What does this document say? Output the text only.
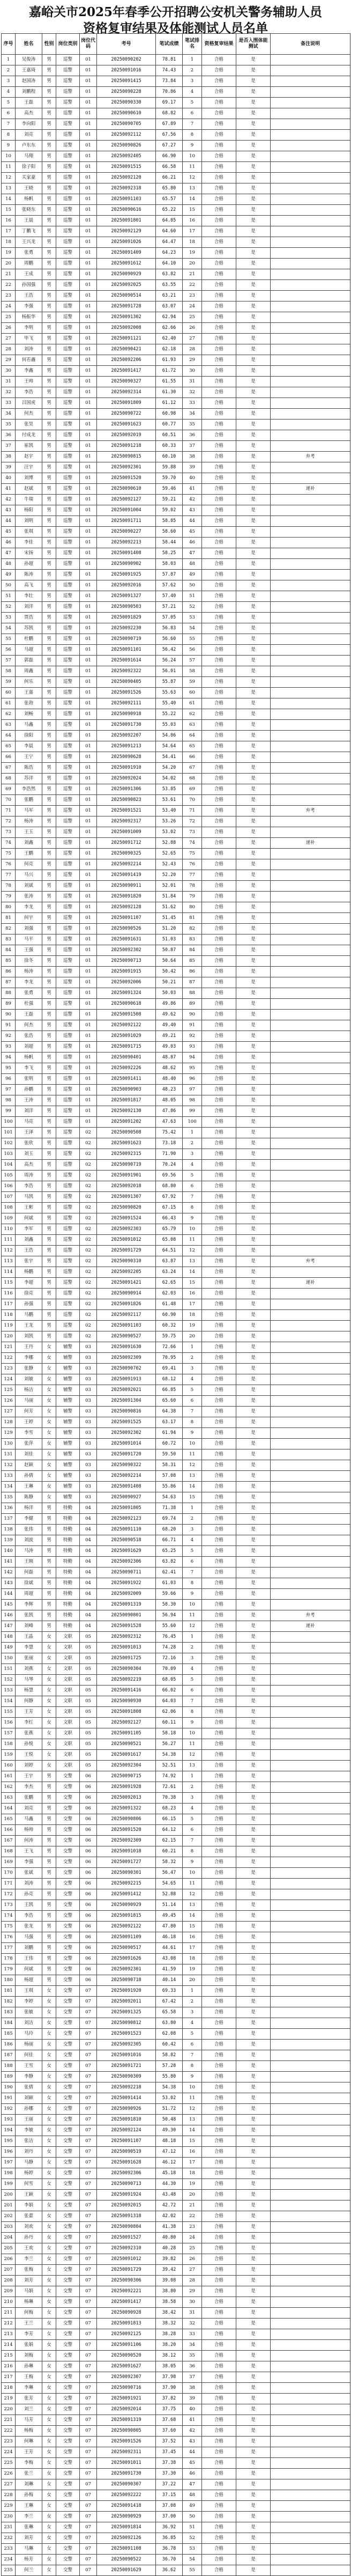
嘉峪关市2025年春季公开招聘公安机关警务辅助人员
资格复审结果及体能测试人员名单
序号	姓名	性别	岗位类别	岗位代码	考号	笔试成绩	笔试排名	资格复审结果	是否入围体能测试	备注说明
1	吴俊涛	男	巡警	01	20250090202	78.81	1	合格	是	
2	王嘉琦	男	巡警	01	20250091016	74.43	2	合格	是	
3	赵国涛	男	巡警	01	20250091415	73.84	3	合格	是	
4	刘鹏程	男	巡警	01	20250090228	70.86	4	合格	是	
5	王磊	男	巡警	01	20250090330	69.17	5	合格	是	
6	高杰	男	巡警	01	20250090610	68.82	6	合格	是	
7	李向阳	男	巡警	01	20250090705	67.89	7	合格	是	
8	刘亮	男	巡警	01	20250092112	67.56	8	合格	是	
9	卢东东	男	巡警	01	20250090826	67.27	9	合格	是	
10	马翔	男	巡警	01	20250092405	66.90	10	合格	是	
11	徐子阳	男	巡警	01	20250091515	66.58	11	合格	是	
12	关家豪	男	巡警	01	20250092120	66.21	12	合格	是	
13	王晓	男	巡警	01	20250092318	65.80	13	合格	是	
14	杨帆	男	巡警	01	20250091103	65.57	14	合格	是	
15	张晓东	男	巡警	01	20250090616	65.22	15	合格	是	
16	王晨	男	巡警	01	20250091801	64.85	16	合格	是	
17	丁鹏飞	男	巡警	01	20250092129	64.60	17	合格	是	
18	王兴龙	男	巡警	01	20250091026	64.47	18	合格	是	
19	张勇	男	巡警	01	20250091409	64.23	19	合格	是	
20	周鹏	男	巡警	01	20250091612	64.10	20	合格	是	
21	王成	男	巡警	01	20250090929	63.82	21	合格	是	
22	孙国强	男	巡警	01	20250092025	63.55	22	合格	是	
23	王浩	男	巡警	01	20250090514	63.21	23	合格	是	
24	李强	男	巡警	01	20250091728	63.07	24	合格	是	
25	杨振华	男	巡警	01	20250091302	62.94	25	合格	是	
26	李明	男	巡警	01	20250092008	62.66	26	合格	是	
27	毕飞	男	巡警	01	20250091121	62.40	27	合格	是	
28	刘涛	男	巡警	01	20250090421	62.18	28	合格	是	
29	何若鑫	男	巡警	01	20250092206	61.93	29	合格	是	
30	李鑫	男	巡警	01	20250091417	61.72	30	合格	是	
31	王帅	男	巡警	01	20250090327	61.55	31	合格	是	
32	李浩	男	巡警	01	20250092314	61.30	32	合格	是	
33	吕国虎	男	巡警	01	20250091809	61.12	33	合格	是	
34	何杰	男	巡警	01	20250090722	60.98	34	合格	是	
35	张昊	男	巡警	01	20250091623	60.77	35	合格	是	
36	付成龙	男	巡警	01	20250092019	60.51	36	合格	是	
37	崔凯	男	巡警	01	20250091218	60.33	37	合格	是	
38	赵宇	男	巡警	01	20250090815	60.10	38	合格	是	弃考
39	汪宇	男	巡警	01	20250092301	59.88	39	合格	是	
40	刘博	男	巡警	01	20250091520	59.70	40	合格	是	
41	赵斌	男	巡警	01	20250090610	59.46	41	合格	是	递补
42	牛瑞	男	巡警	01	20250092127	59.21	42	合格	是	
43	杨阳	男	巡警	01	20250091004	59.02	43	合格	是	
44	刘明	男	巡警	01	20250091711	58.85	44	合格	是	
45	张琪	男	巡警	01	20250090227	58.60	45	合格	是	
46	李佳	男	巡警	01	20250092213	58.44	46	合格	是	
47	宋扬	男	巡警	01	20250091408	58.25	47	合格	是	
48	孙超	男	巡警	01	20250090902	58.03	48	合格	是	
49	陈涛	男	巡警	01	20250091925	57.87	49	合格	是	
50	高飞	男	巡警	01	20250092016	57.62	50	合格	是	
51	李壮	男	巡警	01	20250091327	57.40	51	合格	是	
52	刘洋	男	巡警	01	20250090503	57.21	52	合格	是	
53	贾浩	男	巡警	01	20250091829	57.05	53	合格	是	
54	苏凯	男	巡警	01	20250092230	56.83	54	合格	是	
55	杜鹏	男	巡警	01	20250090719	56.60	55	合格	是	
56	马超	男	巡警	01	20250091101	56.42	56	合格	是	
57	郭磊	男	巡警	01	20250091614	56.24	57	合格	是	
58	周鑫	男	巡警	01	20250092322	56.01	58	合格	是	
59	何乐	男	巡警	01	20250090405	55.87	59	合格	是	
60	王嘉	男	巡警	01	20250091526	55.63	60	合格	是	
61	张勃	男	巡警	01	20250092111	55.40	61	合格	是	
62	刘畅	男	巡警	01	20250090918	55.22	62	合格	是	
63	马鑫	男	巡警	01	20250091730	55.03	63	合格	是	
64	徐阳	男	巡警	01	20250092207	54.86	64	合格	是	
65	李晨	男	巡警	01	20250091213	54.64	65	合格	是	
66	王宁	男	巡警	01	20250090628	54.41	66	合格	是	
67	陈浩	男	巡警	01	20250091910	54.20	67	合格	是	
68	苏洋	男	巡警	01	20250092024	54.02	68	合格	是	
69	李浩然	男	巡警	01	20250091306	53.85	69	合格	是	
70	张鹏	男	巡警	01	20250090823	53.61	70	合格	是	
71	马军	男	巡警	01	20250091521	53.40	71	合格	是	弃考
72	杨涛	男	巡警	01	20250092317	53.26	72	合格	是	
73	王玉	男	巡警	01	20250091009	53.02	73	合格	是	
74	刘鑫	男	巡警	01	20250091712	52.88	74	合格	是	递补
75	王鹏	男	巡警	01	20250090325	52.65	75	合格	是	
76	何亮	男	巡警	01	20250092214	52.43	76	合格	是	
77	马兴	男	巡警	01	20250091419	52.20	77	合格	是	
78	刘斌	男	巡警	01	20250090911	52.01	78	合格	是	
79	张涛	男	巡警	01	20250091820	51.84	79	合格	是	
80	李龙	男	巡警	01	20250092128	51.62	80	合格	是	
81	何宇	男	巡警	01	20250091107	51.45	81	合格	是	
82	刘强	男	巡警	01	20250090526	51.20	82	合格	是	
83	马平	男	巡警	01	20250091631	51.03	83	合格	是	
84	王强	男	巡警	01	20250092302	50.87	84	合格	是	
85	徐冬	男	巡警	01	20250090713	50.64	85	合格	是	
86	杨涛	男	巡警	01	20250091915	50.42	86	合格	是	
87	李龙	男	巡警	01	20250092006	50.21	87	合格	是	
88	张勇	男	巡警	01	20250091324	50.03	88	合格	是	
89	杜强	男	巡警	01	20250090618	49.86	89	合格	是	
90	王磊	男	巡警	01	20250091508	49.62	90	合格	是	
91	何杰	男	巡警	01	20250092122	49.40	91	合格	是	
92	张浩	男	巡警	01	20250091029	49.21	92	合格	是	
93	刘超	男	巡警	01	20250091715	49.03	93	合格	是	
94	杨帆	男	巡警	01	20250090401	48.87	94	合格	是	
95	李飞	男	巡警	01	20250092226	48.62	95	合格	是	
96	张明	男	巡警	01	20250091411	48.40	96	合格	是	
97	孙鹏	男	巡警	01	20250090903	48.23	97	合格	是	
98	王涛	男	巡警	01	20250091817	48.05	98	合格	是	
99	刘洋	男	巡警	01	20250092130	47.86	99	合格	是	
100	马亮	男	巡警	01	20250091202	47.63	100	合格	是	
101	王泽	男	巡警	02	20250090508	75.42	1	合格	是	
102	张欣	男	巡警	02	20250091623	73.18	2	合格	是	
103	刘玉	男	巡警	02	20250092315	71.90	3	合格	是	
104	高杰	男	巡警	02	20250090719	70.24	4	合格	是	
105	周涛	男	巡警	02	20250091901	69.56	5	合格	是	
106	李浩	男	巡警	02	20250092018	68.80	6	合格	是	
107	马凯	男	巡警	02	20250091307	67.92	7	合格	是	
108	王彬	男	巡警	02	20250090820	67.15	8	合格	是	
109	何斌	男	巡警	02	20250091524	66.43	9	合格	是	
110	李军	男	巡警	02	20250092303	65.79	10	合格	是	
111	刘鑫	男	巡警	02	20250091012	65.08	11	合格	是	
112	王浩	男	巡警	02	20250091729	64.51	12	合格	是	
113	张宇	男	巡警	02	20250090310	63.87	13	合格	是	弃考
114	杨鹏	男	巡警	02	20250092205	63.24	14	合格	是	
115	李超	男	巡警	02	20250091421	62.65	15	合格	是	递补
116	徐亮	男	巡警	02	20250090914	62.03	16	合格	是	
117	孙强	男	巡警	02	20250091826	61.48	17	合格	是	
118	马鹏	男	巡警	02	20250092117	60.90	18	合格	是	
119	王龙	男	巡警	02	20250091103	60.32	19	合格	是	
120	刘凯	男	巡警	02	20250090527	59.75	20	合格	是	
121	王丹	女	辅警	03	20250091630	72.66	1	合格	是	
122	李娜	女	辅警	03	20250092309	70.95	2	合格	是	
123	张静	女	辅警	03	20250090702	69.41	3	合格	是	
124	刘敏	女	辅警	03	20250091913	68.12	4	合格	是	
125	杨洁	女	辅警	03	20250092021	66.85	5	合格	是	
126	马丽	女	辅警	03	20250091304	65.60	6	合格	是	
127	何芳	女	辅警	03	20250090816	64.38	7	合格	是	
128	王婷	女	辅警	03	20250091525	63.17	8	合格	是	
129	李雪	女	辅警	03	20250092302	61.94	9	合格	是	
130	张萍	女	辅警	03	20250091014	60.72	10	合格	是	
131	刘佳	女	辅警	03	20250091720	59.50	11	合格	是	
132	赵颖	女	辅警	03	20250090322	58.31	12	合格	是	
133	孙倩	女	辅警	03	20250092214	57.08	13	合格	是	
134	王琳	女	辅警	03	20250091408	55.86	14	合格	是	
135	陈静	女	辅警	03	20250090927	54.63	15	合格	是	
136	杨洋	男	特勤	04	20250091805	71.38	1	合格	是	
137	李健	男	特勤	04	20250092123	69.74	2	合格	是	
138	张伟	男	特勤	04	20250091110	68.20	3	合格	是	
139	刘波	男	特勤	04	20250090518	66.71	4	合格	是	
140	马涛	男	特勤	04	20250091629	65.25	5	合格	是	
141	王刚	男	特勤	04	20250092306	63.82	6	合格	是	
142	何磊	男	特勤	04	20250090711	62.41	7	合格	是	
143	徐斌	男	特勤	04	20250091922	61.03	8	合格	是	
144	周超	男	特勤	04	20250092009	59.66	9	合格	是	
145	李辉	男	特勤	04	20250091319	58.30	10	合格	是	
146	张凯	男	特勤	04	20250090801	56.94	11	合格	是	弃考
147	刘峰	男	特勤	04	20250091528	55.60	12	合格	是	递补
148	王晶	女	文职	05	20250092312	76.45	1	合格	是	
149	李慧	女	文职	05	20250091013	74.28	2	合格	是	
150	张丽	女	文职	05	20250091725	72.16	3	合格	是	
151	刘燕	女	文职	05	20250090304	70.09	4	合格	是	
152	马琴	女	文职	05	20250092219	68.05	5	合格	是	
153	杨慧	女	文职	05	20250091416	66.02	6	合格	是	
154	何静	女	文职	05	20250090930	64.03	7	合格	是	
155	王芳	女	文职	05	20250091808	62.06	8	合格	是	
156	李红	女	文职	05	20250092127	60.11	9	合格	是	
157	张燕	女	文职	05	20250091105	58.18	10	合格	是	
158	孙悦	女	文职	05	20250090521	56.27	11	合格	是	
159	王悦	女	文职	05	20250091617	54.38	12	合格	是	
160	刘婷	女	文职	05	20250092304	52.51	13	合格	是	
161	王宇	男	交警	06	20250090715	74.92	1	合格	是	
162	李杰	男	交警	06	20250091928	72.61	2	合格	是	
163	张鹏	男	交警	06	20250092013	70.38	3	合格	是	
164	刘亮	男	交警	06	20250091322	68.23	4	合格	是	
165	马鑫	男	交警	06	20250090806	66.15	5	合格	是	
166	杨帅	男	交警	06	20250091520	64.12	6	合格	是	
167	何涛	男	交警	06	20250092309	62.15	7	合格	是	
168	王飞	男	交警	06	20250091018	60.21	8	合格	是	
169	李强	男	交警	06	20250091727	58.32	9	合格	是	
170	张斌	男	交警	06	20250090301	56.47	10	合格	是	
171	刘涛	男	交警	06	20250092215	54.65	11	合格	是	
172	孙亮	男	交警	06	20250091412	52.88	12	合格	是	
173	王凯	男	交警	06	20250090929	51.14	13	合格	是	
174	李浩	男	交警	06	20250091815	49.45	14	合格	是	
175	张龙	男	交警	06	20250092122	47.80	15	合格	是	
176	马强	男	交警	06	20250091109	46.18	16	合格	是	
177	刘鹏	男	交警	06	20250090517	44.61	17	合格	是	
178	王伟	男	交警	06	20250091626	43.08	18	合格	是	
179	何斌	男	交警	06	20250092301	41.59	19	合格	是	
180	杨超	男	交警	06	20250090718	40.14	20	合格	是	
181	王琪	女	交警	07	20250091920	69.33	1	合格	是	
182	李婷	女	交警	07	20250092011	67.42	2	合格	是	
183	张敏	女	交警	07	20250091325	65.58	3	合格	是	
184	刘洁	女	交警	07	20250090812	63.80	4	合格	是	
185	马玲	女	交警	07	20250091523	62.08	5	合格	是	
186	杨丽	女	交警	07	20250092305	60.42	6	合格	是	
187	何佳	女	交警	07	20250091016	58.82	7	合格	是	
188	王雪	女	交警	07	20250091721	57.28	8	合格	是	
189	李静	女	交警	07	20250090309	55.80	9	合格	是	
190	张倩	女	交警	07	20250092218	54.38	10	合格	是	
191	刘颖	女	交警	07	20250091414	53.02	11	合格	是	
192	孙娜	女	交警	07	20250090926	51.72	12	合格	是	
193	王丽	女	交警	07	20250091810	50.48	13	合格	是	
194	李敏	女	交警	07	20250092124	49.30	14	合格	是	
195	张洁	女	交警	07	20250091107	48.18	15	合格	是	
196	刘丹	女	交警	07	20250090519	47.12	16	合格	是	
197	马静	女	交警	07	20250091628	46.12	17	合格	是	
198	杨婷	女	交警	07	20250092306	45.18	18	合格	是	
199	何雪	女	交警	07	20250090713	44.30	19	合格	是	
200	王颖	女	交警	07	20250091924	43.48	20	合格	是	
201	李娟	女	交警	07	20250092015	42.72	21	合格	是	
202	张蕾	女	交警	07	20250091318	42.02	22	合格	是	
203	刘欢	女	交警	07	20250090804	41.38	23	合格	是	
204	孙丹	女	交警	07	20250091527	40.80	24	合格	是	
205	王欢	女	交警	07	20250092310	40.28	25	合格	是	
206	李兰	女	交警	07	20250091012	39.82	26	合格	是	
207	张梅	女	交警	07	20250091729	39.42	27	合格	是	
208	刘芳	女	交警	07	20250090306	39.08	28	合格	是	
209	马娟	女	交警	07	20250092221	38.80	29	合格	是	
210	杨琳	女	交警	07	20250091417	38.58	30	合格	是	
211	何梅	女	交警	07	20250090928	38.42	31	合格	是	
212	王兰	女	交警	07	20250091813	38.32	32	合格	是	
213	李芳	女	交警	07	20250092125	38.28	33	合格	是	
214	张娟	女	交警	07	20250091106	38.20	34	合格	是	
215	刘梅	女	交警	07	20250090520	38.12	35	合格	是	
216	孙琳	女	交警	07	20250091627	38.05	36	合格	是	
217	王梅	女	交警	07	20250092307	37.98	37	合格	是	
218	李琳	女	交警	07	20250090716	37.90	38	合格	是	
219	张芳	女	交警	07	20250091921	37.82	39	合格	是	
220	刘兰	女	交警	07	20250092014	37.75	40	合格	是	
221	马芳	女	交警	07	20250091319	37.68	41	合格	是	
222	杨梅	女	交警	07	20250090805	37.60	42	合格	是	
223	何琳	女	交警	07	20250091526	37.52	43	合格	是	
224	王芳	女	交警	07	20250092311	37.45	44	合格	是	
225	李梅	女	交警	07	20250091011	37.38	45	合格	是	
226	张兰	女	交警	07	20250091730	37.30	46	合格	是	
227	刘琳	女	交警	07	20250090307	37.22	47	合格	是	
228	孙梅	女	交警	07	20250092222	37.15	48	合格	是	
229	王琳	女	交警	07	20250091418	37.08	49	合格	是	
230	李兰	女	交警	07	20250090929	37.00	50	合格	是	
231	张琳	女	交警	07	20250091814	36.92	51	合格	是	
232	刘芳	女	交警	07	20250092126	36.85	52	合格	是	
233	马琳	女	交警	07	20250091108	36.78	53	合格	是	
234	杨芳	女	交警	07	20250090522	36.70	54	合格	是	
235	何兰	女	交警	07	20250091629	36.62	55	合格	是	
